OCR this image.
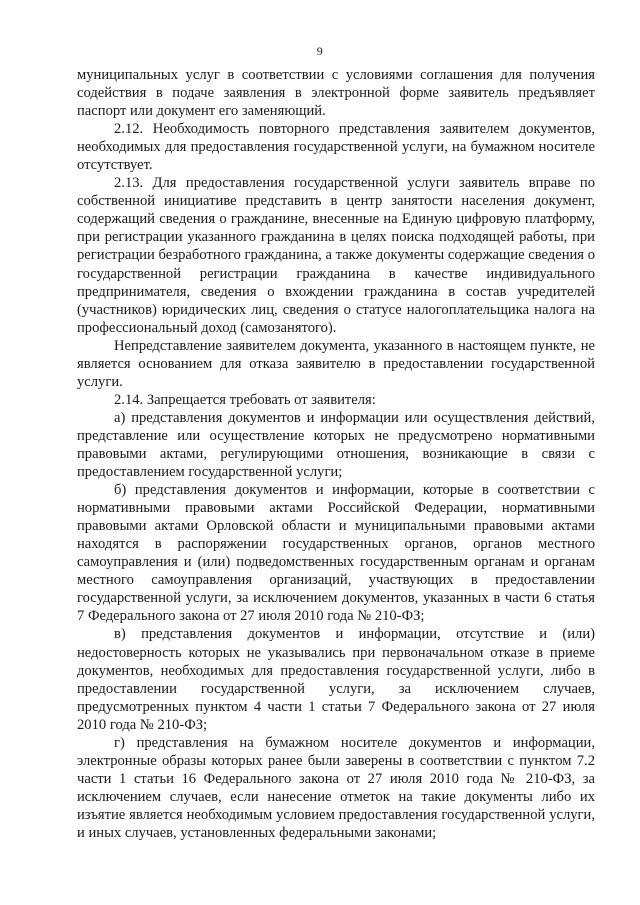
9

муниципальных услуг в соответствии с условиями соглашения для получения содействия в подаче заявления в электронной форме заявитель предъявляет паспорт или документ его заменяющий.

2.12. Необходимость повторного представления заявителем документов, необходимых для предоставления государственной услуги, на бумажном носителе отсутствует.

2.13. Для предоставления государственной услуги заявитель вправе по собственной инициативе представить в центр занятости населения документ, содержащий сведения о гражданине, внесенные на Единую цифровую платформу, при регистрации указанного гражданина в целях поиска подходящей работы, при регистрации безработного гражданина, а также документы содержащие сведения о государственной регистрации гражданина в качестве индивидуального предпринимателя, сведения о вхождении гражданина в состав учредителей (участников) юридических лиц, сведения о статусе налогоплательщика налога на профессиональный доход (самозанятого).

Непредставление заявителем документа, указанного в настоящем пункте, не является основанием для отказа заявителю в предоставлении государственной услуги.

2.14. Запрещается требовать от заявителя:

а) представления документов и информации или осуществления действий, представление или осуществление которых не предусмотрено нормативными правовыми актами, регулирующими отношения, возникающие в связи с предоставлением государственной услуги;

б) представления документов и информации, которые в соответствии с нормативными правовыми актами Российской Федерации, нормативными правовыми актами Орловской области и муниципальными правовыми актами находятся в распоряжении государственных органов, органов местного самоуправления и (или) подведомственных государственным органам и органам местного самоуправления организаций, участвующих в предоставлении государственной услуги, за исключением документов, указанных в части 6 статья 7 Федерального закона от 27 июля 2010 года № 210-ФЗ;

в) представления документов и информации, отсутствие и (или) недостоверность которых не указывались при первоначальном отказе в приеме документов, необходимых для предоставления государственной услуги, либо в предоставлении государственной услуги, за исключением случаев, предусмотренных пунктом 4 части 1 статьи 7 Федерального закона от 27 июля 2010 года № 210-ФЗ;

г) представления на бумажном носителе документов и информации, электронные образы которых ранее были заверены в соответствии с пунктом 7.2 части 1 статьи 16 Федерального закона от 27 июля 2010 года № 210-ФЗ, за исключением случаев, если нанесение отметок на такие документы либо их изъятие является необходимым условием предоставления государственной услуги, и иных случаев, установленных федеральными законами;
